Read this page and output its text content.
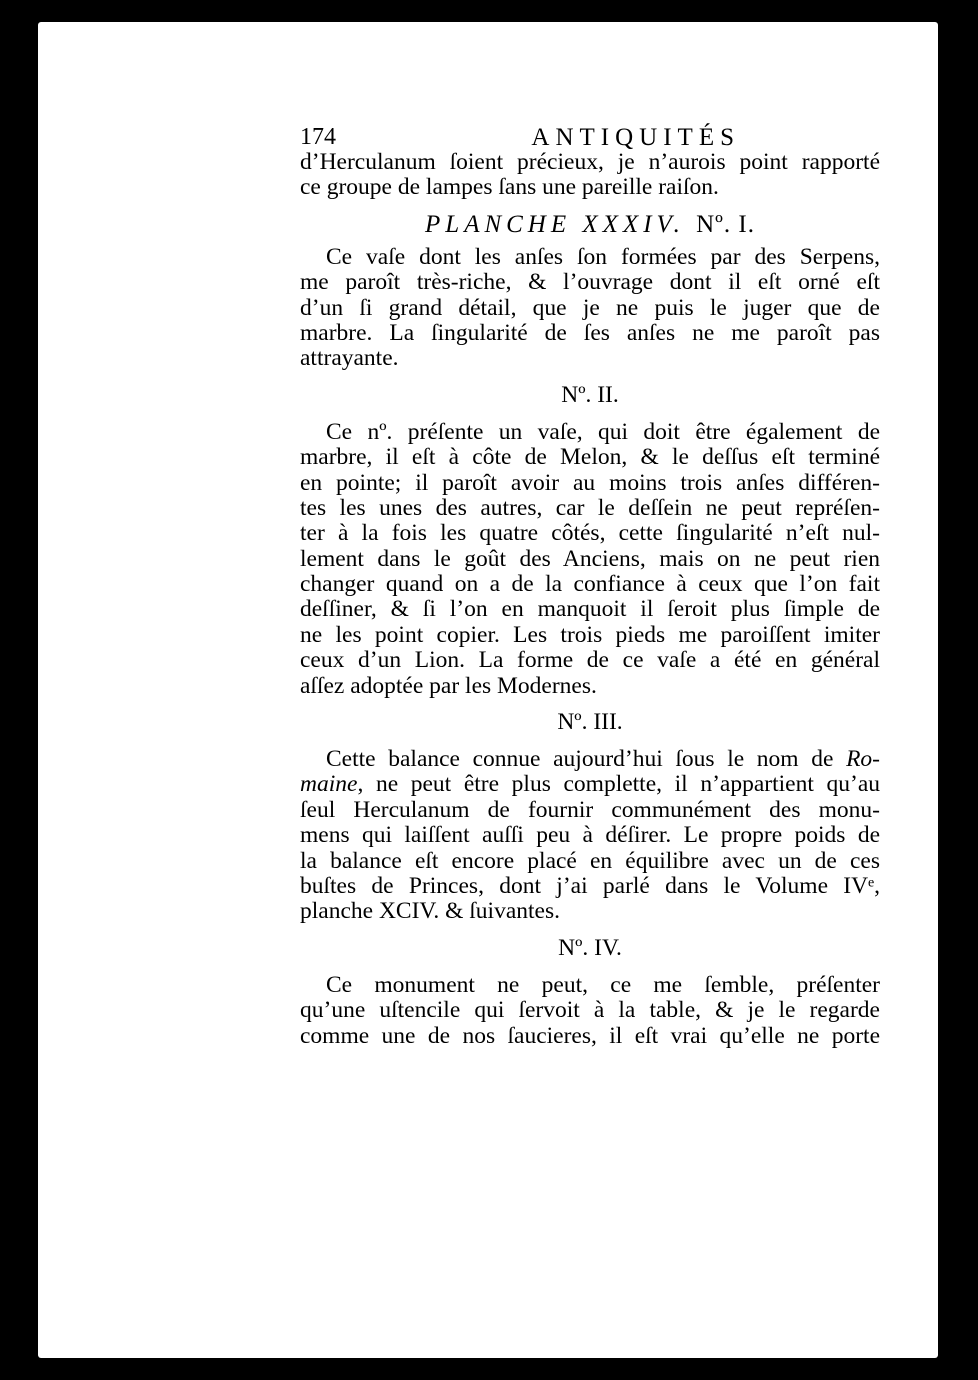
174	ANTIQUITÉS
d’Herculanum ſoient précieux, je n’aurois point rapporté
ce groupe de lampes ſans une pareille raiſon.
PLANCHE XXXIV. Nº. I.
Ce vaſe dont les anſes ſon formées par des Serpens,
me paroît très-riche, & l’ouvrage dont il eſt orné eſt
d’un ſi grand détail, que je ne puis le juger que de
marbre. La ſingularité de ſes anſes ne me paroît pas
attrayante.
Nº. II.
Ce nº. préſente un vaſe, qui doit être également de
marbre, il eſt à côte de Melon, & le deſſus eſt terminé
en pointe; il paroît avoir au moins trois anſes différen-
tes les unes des autres, car le deſſein ne peut repréſen-
ter à la fois les quatre côtés, cette ſingularité n’eſt nul-
lement dans le goût des Anciens, mais on ne peut rien
changer quand on a de la confiance à ceux que l’on fait
deſſiner, & ſi l’on en manquoit il ſeroit plus ſimple de
ne les point copier. Les trois pieds me paroiſſent imiter
ceux d’un Lion. La forme de ce vaſe a été en général
aſſez adoptée par les Modernes.
Nº. III.
Cette balance connue aujourd’hui ſous le nom de Ro-
maine, ne peut être plus complette, il n’appartient qu’au
ſeul Herculanum de fournir communément des monu-
mens qui laiſſent auſſi peu à déſirer. Le propre poids de
la balance eſt encore placé en équilibre avec un de ces
buſtes de Princes, dont j’ai parlé dans le Volume IVᵉ,
planche XCIV. & ſuivantes.
Nº. IV.
Ce monument ne peut, ce me ſemble, préſenter
qu’une uſtencile qui ſervoit à la table, & je le regarde
comme une de nos ſaucieres, il eſt vrai qu’elle ne porte
